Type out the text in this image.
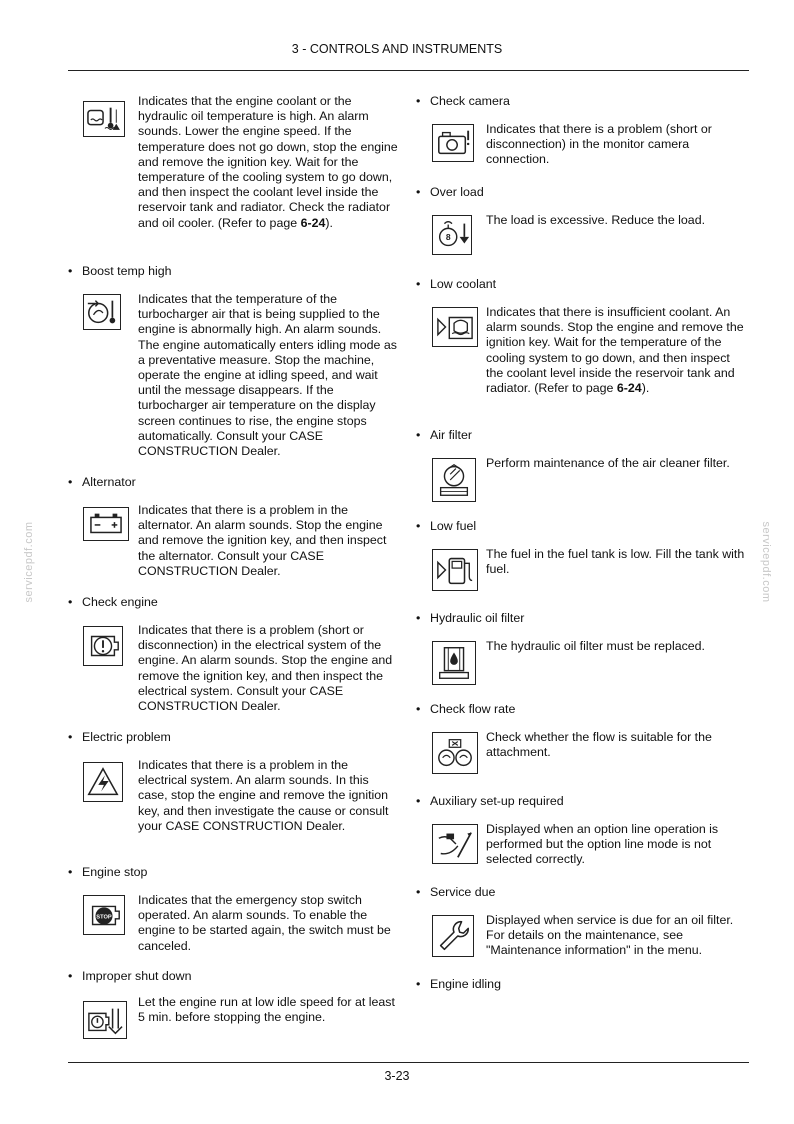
3 - CONTROLS AND INSTRUMENTS
servicepdf.com	servicepdf.com
Indicates that the engine coolant or the hydraulic oil temperature is high. An alarm sounds. Lower the engine speed. If the temperature does not go down, stop the engine and remove the ignition key. Wait for the temperature of the cooling system to go down, and then inspect the coolant level inside the reservoir tank and radiator. Check the radiator and oil cooler. (Refer to page 6-24).
• Boost temp high
Indicates that the temperature of the turbocharger air that is being supplied to the engine is abnormally high. An alarm sounds. The engine automatically enters idling mode as a preventative measure. Stop the machine, operate the engine at idling speed, and wait until the message disappears. If the turbocharger air temperature on the display screen continues to rise, the engine stops automatically. Consult your CASE CONSTRUCTION Dealer.
• Alternator
Indicates that there is a problem in the alternator. An alarm sounds. Stop the engine and remove the ignition key, and then inspect the alternator. Consult your CASE CONSTRUCTION Dealer.
• Check engine
Indicates that there is a problem (short or disconnection) in the electrical system of the engine. An alarm sounds. Stop the engine and remove the ignition key, and then inspect the electrical system. Consult your CASE CONSTRUCTION Dealer.
• Electric problem
Indicates that there is a problem in the electrical system. An alarm sounds. In this case, stop the engine and remove the ignition key, and then investigate the cause or consult your CASE CONSTRUCTION Dealer.
• Engine stop
STOP
Indicates that the emergency stop switch operated. An alarm sounds. To enable the engine to be started again, the switch must be canceled.
• Improper shut down
Let the engine run at low idle speed for at least 5 min. before stopping the engine.
• Check camera
Indicates that there is a problem (short or disconnection) in the monitor camera connection.
• Over load
8
The load is excessive. Reduce the load.
• Low coolant
Indicates that there is insufficient coolant. An alarm sounds. Stop the engine and remove the ignition key. Wait for the temperature of the cooling system to go down, and then inspect the coolant level inside the reservoir tank and radiator. (Refer to page 6-24).
• Air filter
Perform maintenance of the air cleaner filter.
• Low fuel
The fuel in the fuel tank is low. Fill the tank with fuel.
• Hydraulic oil filter
The hydraulic oil filter must be replaced.
• Check flow rate
Check whether the flow is suitable for the attachment.
• Auxiliary set-up required
Displayed when an option line operation is performed but the option line mode is not selected correctly.
• Service due
Displayed when service is due for an oil filter. For details on the maintenance, see "Maintenance information" in the menu.
• Engine idling
3-23
